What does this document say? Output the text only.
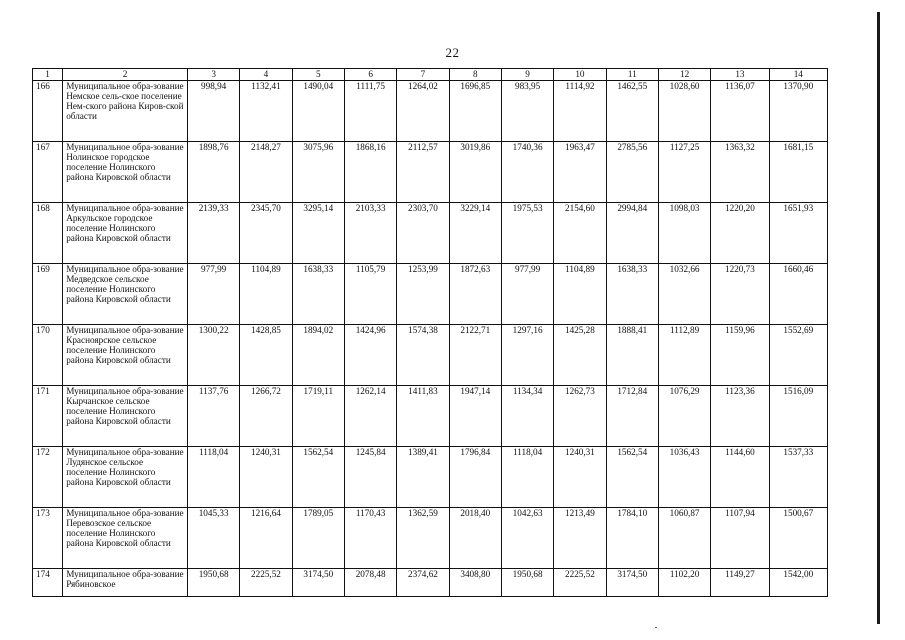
22
1	2	3	4	5	6	7	8	9	10	11	12	13	14
166	Муниципальное обра-зование Немское сель-ское поселение Нем-ского района Киров-ской области	998,94	1132,41	1490,04	1111,75	1264,02	1696,85	983,95	1114,92	1462,55	1028,60	1136,07	1370,90
167	Муниципальное обра-зование Нолинское городское поселение Нолинского района Кировской области	1898,76	2148,27	3075,96	1868,16	2112,57	3019,86	1740,36	1963,47	2785,56	1127,25	1363,32	1681,15
168	Муниципальное обра-зование Аркульское городское поселение Нолинского района Кировской области	2139,33	2345,70	3295,14	2103,33	2303,70	3229,14	1975,53	2154,60	2994,84	1098,03	1220,20	1651,93
169	Муниципальное обра-зование Медведское сельское поселение Нолинского района Кировской области	977,99	1104,89	1638,33	1105,79	1253,99	1872,63	977,99	1104,89	1638,33	1032,66	1220,73	1660,46
170	Муниципальное обра-зование Красноярское сельское поселение Нолинского района Кировской области	1300,22	1428,85	1894,02	1424,96	1574,38	2122,71	1297,16	1425,28	1888,41	1112,89	1159,96	1552,69
171	Муниципальное обра-зование Кырчанское сельское поселение Нолинского района Кировской области	1137,76	1266,72	1719,11	1262,14	1411,83	1947,14	1134,34	1262,73	1712,84	1076,29	1123,36	1516,09
172	Муниципальное обра-зование Лудянское сельское поселение Нолинского района Кировской области	1118,04	1240,31	1562,54	1245,84	1389,41	1796,84	1118,04	1240,31	1562,54	1036,43	1144,60	1537,33
173	Муниципальное обра-зование Перевозское сельское поселение Нолинского района Кировской области	1045,33	1216,64	1789,05	1170,43	1362,59	2018,40	1042,63	1213,49	1784,10	1060,87	1107,94	1500,67
174	Муниципальное обра-зование Рябиновское	1950,68	2225,52	3174,50	2078,48	2374,62	3408,80	1950,68	2225,52	3174,50	1102,20	1149,27	1542,00
